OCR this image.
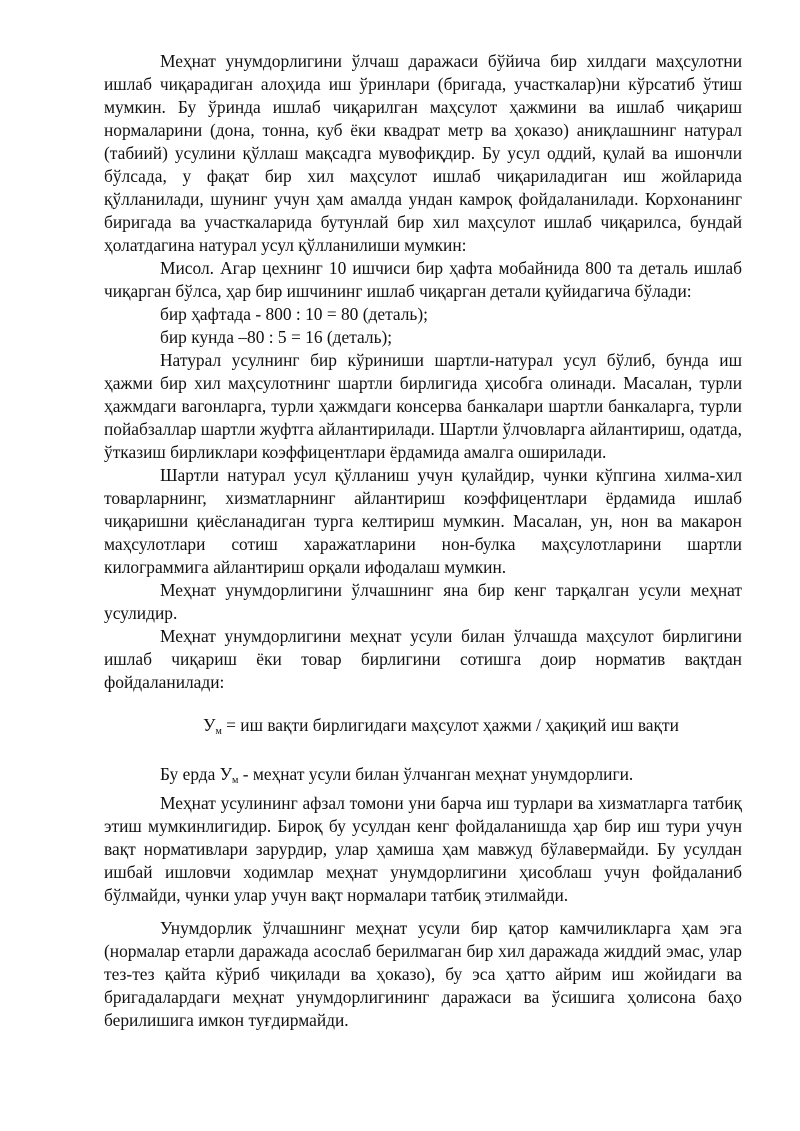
Меҳнат унумдорлигини ўлчаш даражаси бўйича бир хилдаги маҳсулотни ишлаб чиқарадиган алоҳида иш ўринлари (бригада, участкалар)ни кўрсатиб ўтиш мумкин. Бу ўринда ишлаб чиқарилган маҳсулот ҳажмини ва ишлаб чиқариш нормаларини (дона, тонна, куб ёки квадрат метр ва ҳоказо) аниқлашнинг натурал (табиий) усулини қўллаш мақсадга мувофиқдир. Бу усул оддий, қулай ва ишончли бўлсада, у фақат бир хил маҳсулот ишлаб чиқариладиган иш жойларида қўлланилади, шунинг учун ҳам амалда ундан камроқ фойдаланилади. Корхонанинг биригада ва участкаларида бутунлай бир хил маҳсулот ишлаб чиқарилса, бундай ҳолатдагина натурал усул қўлланилиши мумкин:

Мисол. Агар цехнинг 10 ишчиси бир ҳафта мобайнида 800 та деталь ишлаб чиқарган бўлса, ҳар бир ишчининг ишлаб чиқарган детали қуйидагича бўлади:

бир ҳафтада - 800 : 10 = 80 (деталь);

бир кунда –80 : 5 = 16 (деталь);

Натурал усулнинг бир кўриниши шартли-натурал усул бўлиб, бунда иш ҳажми бир хил маҳсулотнинг шартли бирлигида ҳисобга олинади. Масалан, турли ҳажмдаги вагонларга, турли ҳажмдаги консерва банкалари шартли банкаларга, турли пойабзаллар шартли жуфтга айлантирилади. Шартли ўлчовларга айлантириш, одатда, ўтказиш бирликлари коэффицентлари ёрдамида амалга оширилади.

Шартли натурал усул қўлланиш учун қулайдир, чунки кўпгина хилма-хил товарларнинг, хизматларнинг айлантириш коэффицентлари ёрдамида ишлаб чиқаришни қиёсланадиган турга келтириш мумкин. Масалан, ун, нон ва макарон маҳсулотлари сотиш харажатларини нон-булка маҳсулотларини шартли килограммига айлантириш орқали ифодалаш мумкин.

Меҳнат унумдорлигини ўлчашнинг яна бир кенг тарқалган усули меҳнат усулидир.

Меҳнат унумдорлигини меҳнат усули билан ўлчашда маҳсулот бирлигини ишлаб чиқариш ёки товар бирлигини сотишга доир норматив вақтдан фойдаланилади:

$У_м$ = иш вақти бирлигидаги маҳсулот ҳажми / ҳақиқий иш вақти

Бу ерда $У_м$ - меҳнат усули билан ўлчанган меҳнат унумдорлиги.

Меҳнат усулининг афзал томони уни барча иш турлари ва хизматларга татбиқ этиш мумкинлигидир. Бироқ бу усулдан кенг фойдаланишда ҳар бир иш тури учун вақт нормативлари зарурдир, улар ҳамиша ҳам мавжуд бўлавермайди. Бу усулдан ишбай ишловчи ходимлар меҳнат унумдорлигини ҳисоблаш учун фойдаланиб бўлмайди, чунки улар учун вақт нормалари татбиқ этилмайди.

Унумдорлик ўлчашнинг меҳнат усули бир қатор камчиликларга ҳам эга (нормалар етарли даражада асослаб берилмаган бир хил даражада жиддий эмас, улар тез-тез қайта кўриб чиқилади ва ҳоказо), бу эса ҳатто айрим иш жойидаги ва бригадалардаги меҳнат унумдорлигининг даражаси ва ўсишига ҳолисона баҳо берилишига имкон туғдирмайди.
